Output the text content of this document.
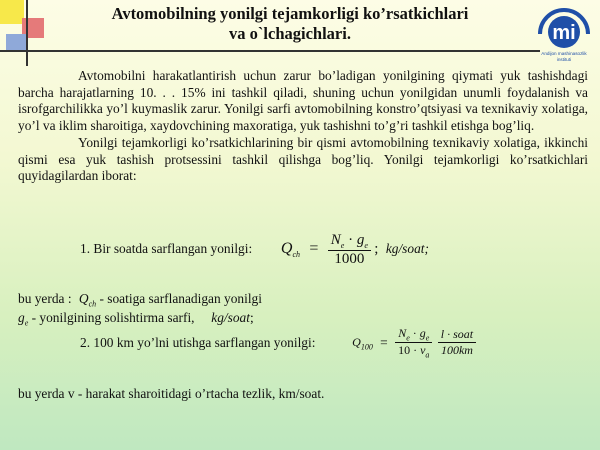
Avtomobilning yonilgi tejamkorligi ko’rsatkichlari
va o`lchagichlari.	mi
Andijon mashinasozlik
instituti

Avtomobilni harakatlantirish uchun zarur bo’ladigan yonilgining qiymati yuk tashishdagi barcha harajatlarning 10. . . 15% ini tashkil qiladi, shuning uchun yonilgidan unumli foydalanish va isrofgarchilikka yo’l kuymaslik zarur. Yonilgi sarfi avtomobilning konstro’qtsiyasi va texnikaviy xolatiga, yo’l va iklim sharoitiga, xaydovchining maxoratiga, yuk tashishni to’g’ri tashkil etishga bog’liq.

Yonilgi tejamkorligi ko’rsatkichlarining bir qismi avtomobilning texnikaviy xolatiga, ikkinchi qismi esa yuk tashish protsessini tashkil qilishga bog’liq. Yonilgi tejamkorligi ko’rsatkichlari quyidagilardan iborat:

1. Bir soatda sarflangan yonilgi: $Q_{ch} = \frac{N_e \cdot g_e}{1000}$ ; kg/soat;
bu yerda : $Q_{ch}$ - soatiga sarflanadigan yonilgi
$g_e$ - yonilgining solishtirma sarfi,     kg/soat;
2. 100 km yo’lni utishga sarflangan yonilgi:	$Q_{100} = \frac{N_e \cdot g_e}{10 \cdot v_a}$
$\frac{\text{l · soat}}{100km}$
bu yerda v - harakat sharoitidagi o’rtacha tezlik, km/soat.
